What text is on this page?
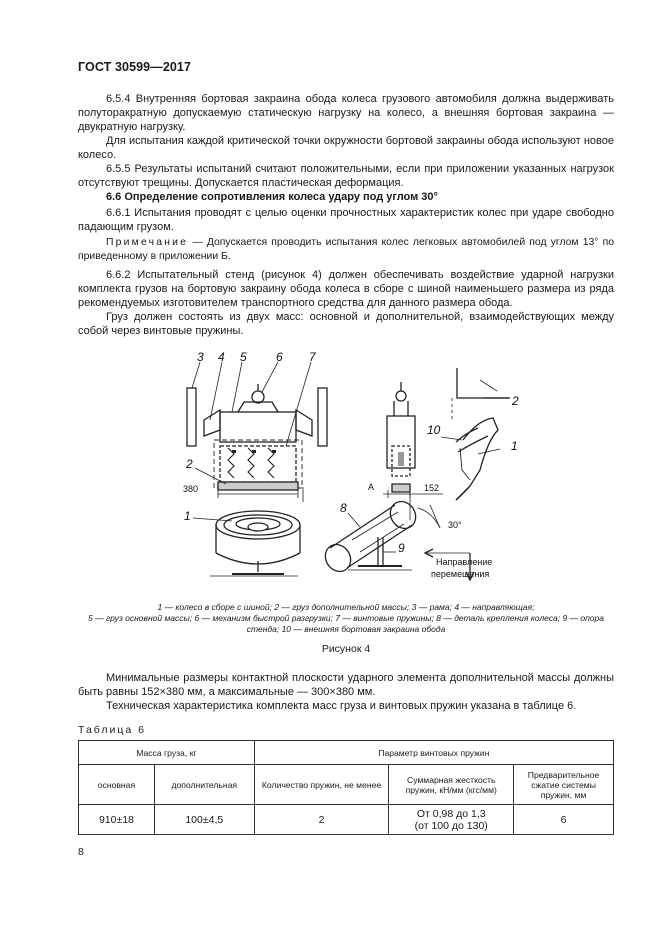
ГОСТ 30599—2017
6.5.4 Внутренняя бортовая закраина обода колеса грузового автомобиля должна выдерживать полуторакратную допускаемую статическую нагрузку на колесо, а внешняя бортовая закраина — двукратную нагрузку.
Для испытания каждой критической точки окружности бортовой закраины обода используют новое колесо.
6.5.5 Результаты испытаний считают положительными, если при приложении указанных нагрузок отсутствуют трещины. Допускается пластическая деформация.
6.6 Определение сопротивления колеса удару под углом 30°
6.6.1 Испытания проводят с целью оценки прочностных характеристик колес при ударе свободно падающим грузом.
Примечание — Допускается проводить испытания колес легковых автомобилей под углом 13° по приведенному в приложении Б.
6.6.2 Испытательный стенд (рисунок 4) должен обеспечивать воздействие ударной нагрузки комплекта грузов на бортовую закраину обода колеса в сборе с шиной наименьшего размера из ряда рекомендуемых изготовителем транспортного средства для данного размера обода.
Груз должен состоять из двух масс: основной и дополнительной, взаимодействующих между собой через винтовые пружины.
3 4 5 6 7
2
1
8
9
2
10
1
380	152
A
30°
Направление
перемещения
1 — колесо в сборе с шиной; 2 — груз дополнительной массы; 3 — рама; 4 — направляющая;
5 — груз основной массы; 6 — механизм быстрой разгрузки; 7 — винтовые пружины; 8 — деталь крепления колеса; 9 — опора
стенда; 10 — внешняя бортовая закраина обода
Рисунок 4
Минимальные размеры контактной плоскости ударного элемента дополнительной массы должны быть равны 152×380 мм, а максимальные — 300×380 мм.
Техническая характеристика комплекта масс груза и винтовых пружин указана в таблице 6.
Таблица 6
Масса груза, кг		Параметр винтовых пружин		
основная	дополнительная	Количество пружин, не менее	Суммарная жесткость пружин, кН/мм (кгс/мм)	Предварительное сжатие системы пружин, мм
910±18	100±4,5	2	От 0,98 до 1,3
(от 100 до 130)	6
8
